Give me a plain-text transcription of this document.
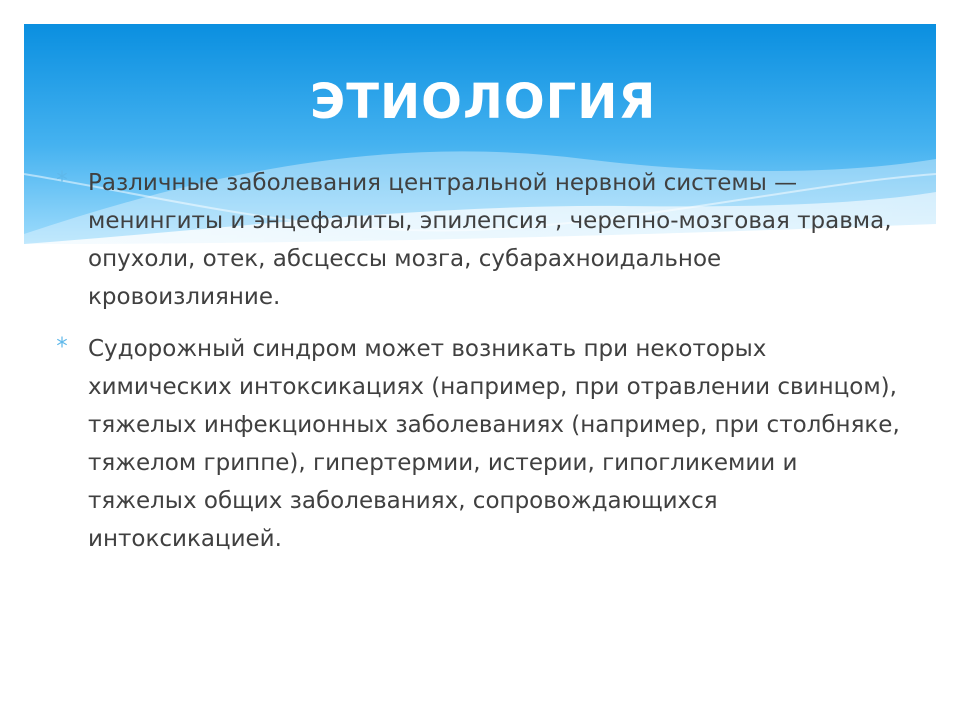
ЭТИОЛОГИЯ
Различные заболевания центральной нервной системы — менингиты и энцефалиты, эпилепсия , черепно-мозговая травма, опухоли, отек, абсцессы мозга, субарахноидальное кровоизлияние.
Судорожный синдром может возникать при некоторых химических интоксикациях (например, при отравлении свинцом), тяжелых инфекционных заболеваниях (например, при столбняке, тяжелом гриппе), гипертермии, истерии, гипогликемии и тяжелых общих заболеваниях, сопровождающихся интоксикацией.
